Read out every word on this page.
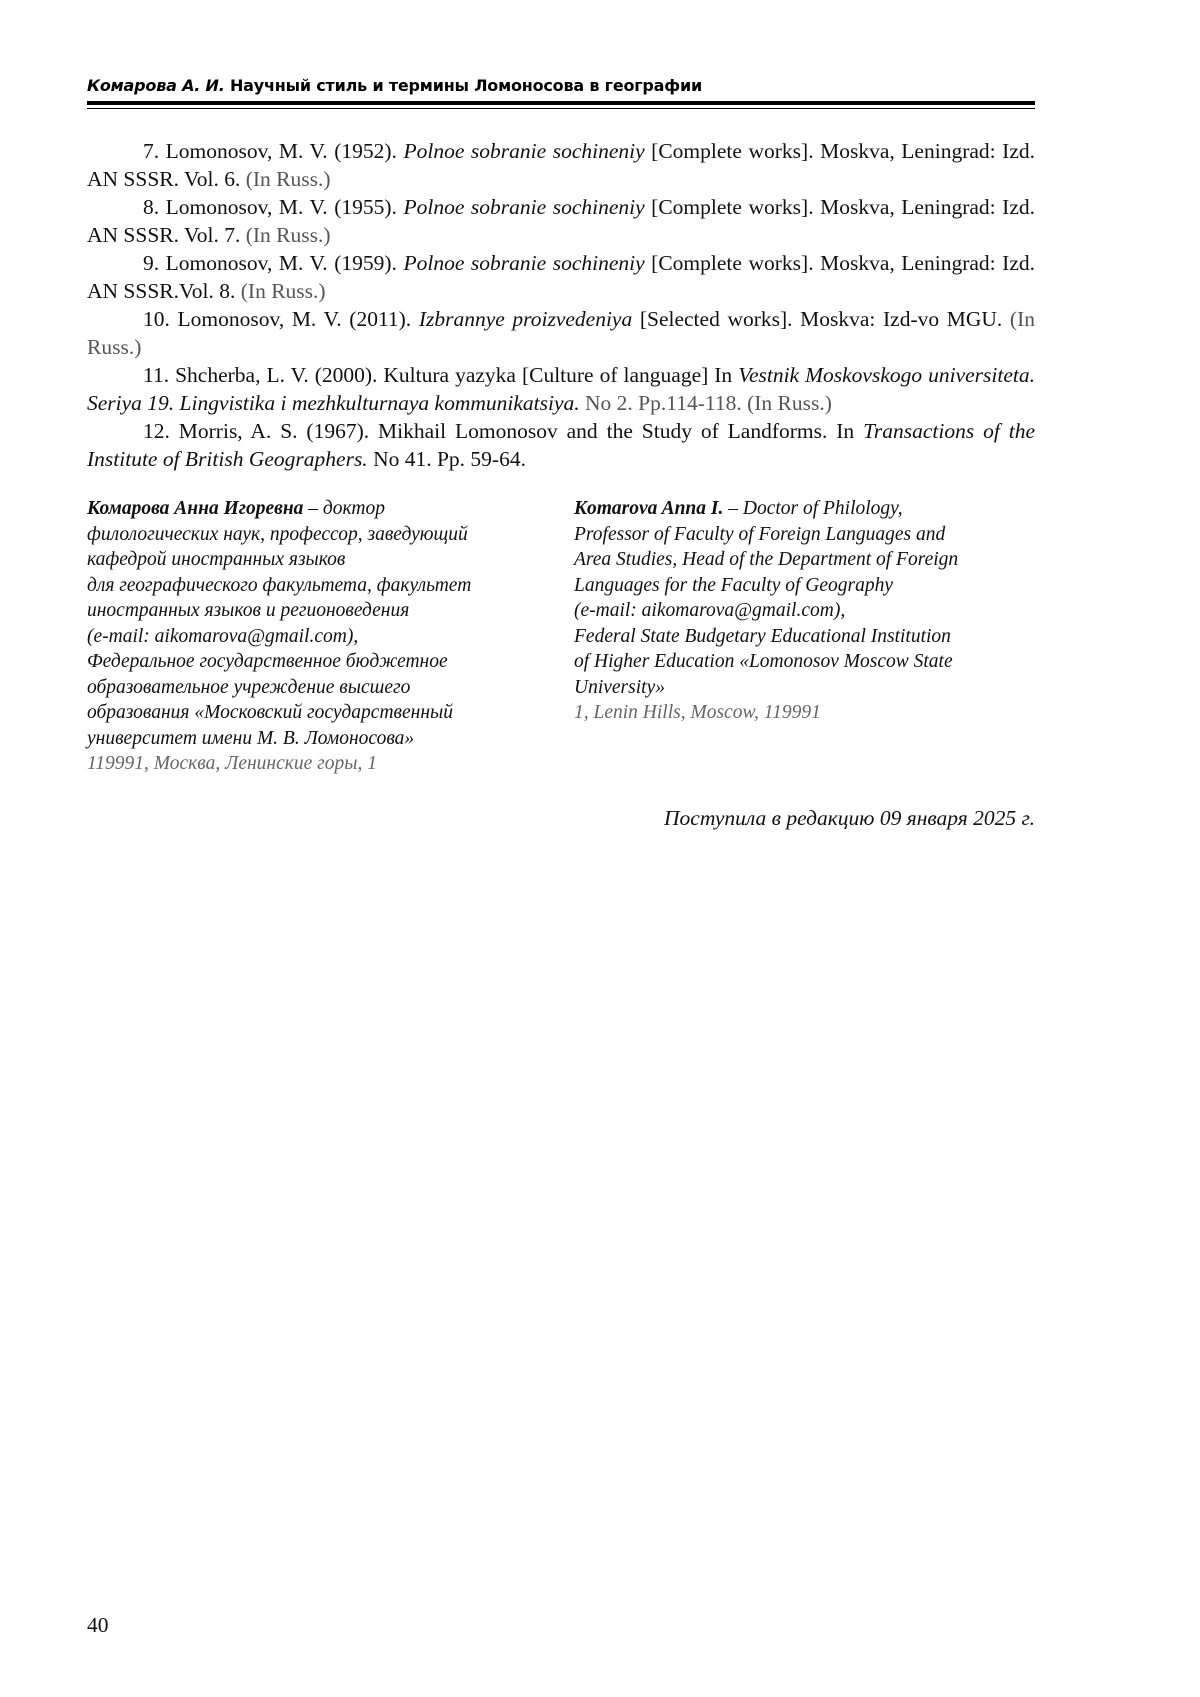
Комарова А. И. Научный стиль и термины Ломоносова в географии

7. Lomonosov, M. V. (1952). Polnoe sobranie sochineniy [Complete works]. Moskva, Leningrad: Izd. AN SSSR. Vol. 6. (In Russ.)

8. Lomonosov, M. V. (1955). Polnoe sobranie sochineniy [Complete works]. Moskva, Leningrad: Izd. AN SSSR. Vol. 7. (In Russ.)

9. Lomonosov, M. V. (1959). Polnoe sobranie sochineniy [Complete works]. Moskva, Leningrad: Izd. AN SSSR.Vol. 8. (In Russ.)

10. Lomonosov, M. V. (2011). Izbrannye proizvedeniya [Selected works]. Moskva: Izd-vo MGU. (In Russ.)

11. Shcherba, L. V. (2000). Kultura yazyka [Culture of language] In Vestnik Moskovskogo universiteta. Seriya 19. Lingvistika i mezhkulturnaya kommunikatsiya. No 2. Pp.114-118. (In Russ.)

12. Morris, A. S. (1967). Mikhail Lomonosov and the Study of Landforms. In Transactions of the Institute of British Geographers. No 41. Pp. 59-64.

Комарова Анна Игоревна – доктор
филологических наук, профессор, заведующий
кафедрой иностранных языков
для географического факультета, факультет
иностранных языков и регионоведения
(e-mail: aikomarova@gmail.com),
Федеральное государственное бюджетное
образовательное учреждение высшего
образования «Московский государственный
университет имени М. В. Ломоносова»
119991, Москва, Ленинские горы, 1
Komarova Anna I. – Doctor of Philology,
Professor of Faculty of Foreign Languages and
Area Studies, Head of the Department of Foreign
Languages for the Faculty of Geography
(e-mail: aikomarova@gmail.com),
Federal State Budgetary Educational Institution
of Higher Education «Lomonosov Moscow State
University»
1, Lenin Hills, Moscow, 119991
Поступила в редакцию 09 января 2025 г.
40
